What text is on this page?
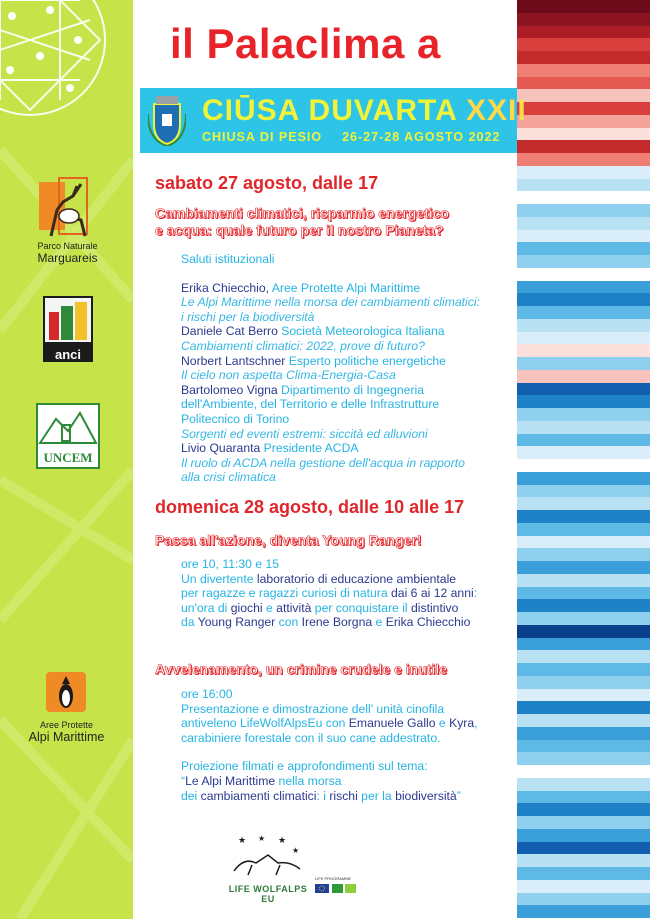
Parco Naturale
Marguareis
anci
UNCEM
Aree Protette
Alpi Marittime
il Palaclima a
CIŪSA DUVARTA XXII
CHIUSA DI PESIO 26-27-28 AGOSTO 2022
sabato 27 agosto, dalle 17
Cambiamenti climatici, risparmio energetico
e acqua: quale futuro per il nostro Pianeta?
Saluti istituzionali
Erika Chiecchio, Aree Protette Alpi Marittime
Le Alpi Marittime nella morsa dei cambiamenti climatici:
i rischi per la biodiversità
Daniele Cat Berro Società Meteorologica Italiana
Cambiamenti climatici: 2022, prove di futuro?
Norbert Lantschner Esperto politiche energetiche
Il cielo non aspetta Clima-Energia-Casa
Bartolomeo Vigna Dipartimento di Ingegneria
dell'Ambiente, del Territorio e delle Infrastrutture
Politecnico di Torino
Sorgenti ed eventi estremi: siccità ed alluvioni
Livio Quaranta Presidente ACDA
Il ruolo di ACDA nella gestione dell'acqua in rapporto
alla crisi climatica
domenica 28 agosto, dalle 10 alle 17
Passa all'azione, diventa Young Ranger!
ore 10, 11:30 e 15
Un divertente laboratorio di educazione ambientale
per ragazze e ragazzi curiosi di natura dai 6 ai 12 anni:
un'ora di giochi e attività per conquistare il distintivo
da Young Ranger con Irene Borgna e Erika Chiecchio
Avvelenamento, un crimine crudele e inutile
ore 16:00
Presentazione e dimostrazione dell' unità cinofila
antiveleno LifeWolfAlpsEu con Emanuele Gallo e Kyra,
carabiniere forestale con il suo cane addestrato.
Proiezione filmati e approfondimenti sul tema:
“Le Alpi Marittime nella morsa
dei cambiamenti climatici: i rischi per la biodiversità”
★ ★ ★
★
LIFE WOLFALPS EU
LIFE PROGRAMME
